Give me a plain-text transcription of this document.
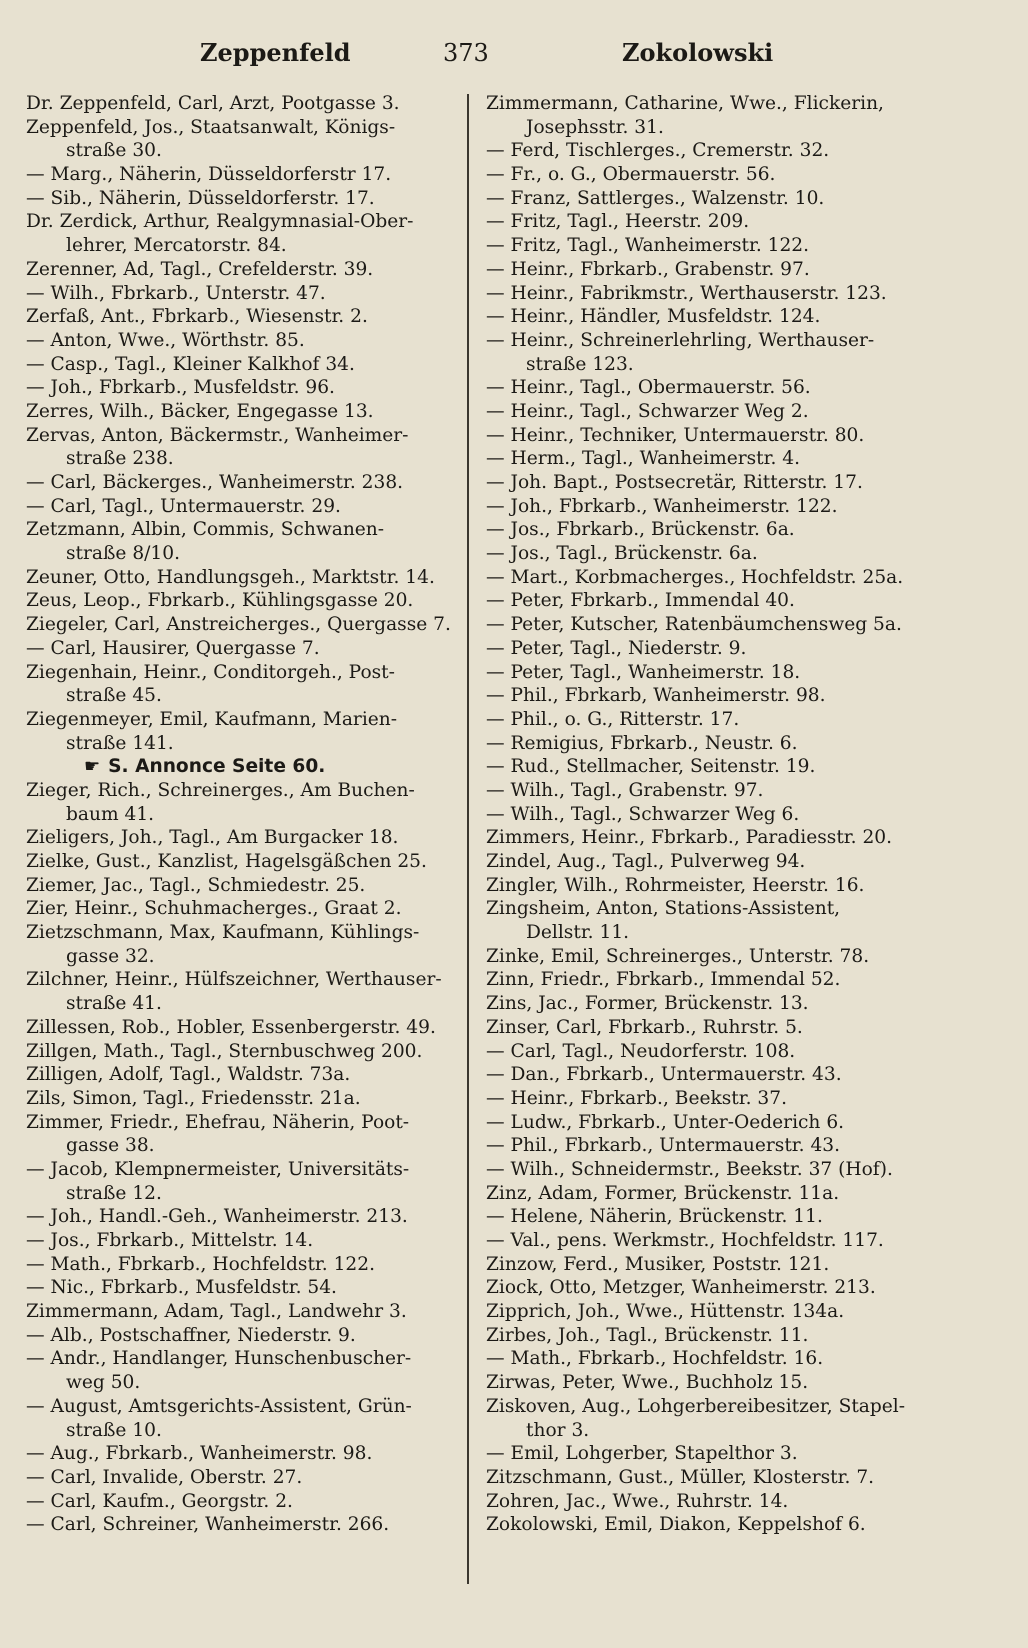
Zeppenfeld	373	Zokolowski
Dr. Zeppenfeld, Carl, Arzt, Pootgasse 3.
Zeppenfeld, Jos., Staatsanwalt, Königs-
straße 30.
— Marg., Näherin, Düsseldorferstr 17.
— Sib., Näherin, Düsseldorferstr. 17.
Dr. Zerdick, Arthur, Realgymnasial-Ober-
lehrer, Mercatorstr. 84.
Zerenner, Ad, Tagl., Crefelderstr. 39.
— Wilh., Fbrkarb., Unterstr. 47.
Zerfaß, Ant., Fbrkarb., Wiesenstr. 2.
— Anton, Wwe., Wörthstr. 85.
— Casp., Tagl., Kleiner Kalkhof 34.
— Joh., Fbrkarb., Musfeldstr. 96.
Zerres, Wilh., Bäcker, Engegasse 13.
Zervas, Anton, Bäckermstr., Wanheimer-
straße 238.
— Carl, Bäckerges., Wanheimerstr. 238.
— Carl, Tagl., Untermauerstr. 29.
Zetzmann, Albin, Commis, Schwanen-
straße 8/10.
Zeuner, Otto, Handlungsgeh., Marktstr. 14.
Zeus, Leop., Fbrkarb., Kühlingsgasse 20.
Ziegeler, Carl, Anstreicherges., Quergasse 7.
— Carl, Hausirer, Quergasse 7.
Ziegenhain, Heinr., Conditorgeh., Post-
straße 45.
Ziegenmeyer, Emil, Kaufmann, Marien-
straße 141.
☛ S. Annonce Seite 60.
Zieger, Rich., Schreinerges., Am Buchen-
baum 41.
Zieligers, Joh., Tagl., Am Burgacker 18.
Zielke, Gust., Kanzlist, Hagelsgäßchen 25.
Ziemer, Jac., Tagl., Schmiedestr. 25.
Zier, Heinr., Schuhmacherges., Graat 2.
Zietzschmann, Max, Kaufmann, Kühlings-
gasse 32.
Zilchner, Heinr., Hülfszeichner, Werthauser-
straße 41.
Zillessen, Rob., Hobler, Essenbergerstr. 49.
Zillgen, Math., Tagl., Sternbuschweg 200.
Zilligen, Adolf, Tagl., Waldstr. 73a.
Zils, Simon, Tagl., Friedensstr. 21a.
Zimmer, Friedr., Ehefrau, Näherin, Poot-
gasse 38.
— Jacob, Klempnermeister, Universitäts-
straße 12.
— Joh., Handl.-Geh., Wanheimerstr. 213.
— Jos., Fbrkarb., Mittelstr. 14.
— Math., Fbrkarb., Hochfeldstr. 122.
— Nic., Fbrkarb., Musfeldstr. 54.
Zimmermann, Adam, Tagl., Landwehr 3.
— Alb., Postschaffner, Niederstr. 9.
— Andr., Handlanger, Hunschenbuscher-
weg 50.
— August, Amtsgerichts-Assistent, Grün-
straße 10.
— Aug., Fbrkarb., Wanheimerstr. 98.
— Carl, Invalide, Oberstr. 27.
— Carl, Kaufm., Georgstr. 2.
— Carl, Schreiner, Wanheimerstr. 266.
Zimmermann, Catharine, Wwe., Flickerin,
Josephsstr. 31.
— Ferd, Tischlerges., Cremerstr. 32.
— Fr., o. G., Obermauerstr. 56.
— Franz, Sattlerges., Walzenstr. 10.
— Fritz, Tagl., Heerstr. 209.
— Fritz, Tagl., Wanheimerstr. 122.
— Heinr., Fbrkarb., Grabenstr. 97.
— Heinr., Fabrikmstr., Werthauserstr. 123.
— Heinr., Händler, Musfeldstr. 124.
— Heinr., Schreinerlehrling, Werthauser-
straße 123.
— Heinr., Tagl., Obermauerstr. 56.
— Heinr., Tagl., Schwarzer Weg 2.
— Heinr., Techniker, Untermauerstr. 80.
— Herm., Tagl., Wanheimerstr. 4.
— Joh. Bapt., Postsecretär, Ritterstr. 17.
— Joh., Fbrkarb., Wanheimerstr. 122.
— Jos., Fbrkarb., Brückenstr. 6a.
— Jos., Tagl., Brückenstr. 6a.
— Mart., Korbmacherges., Hochfeldstr. 25a.
— Peter, Fbrkarb., Immendal 40.
— Peter, Kutscher, Ratenbäumchensweg 5a.
— Peter, Tagl., Niederstr. 9.
— Peter, Tagl., Wanheimerstr. 18.
— Phil., Fbrkarb, Wanheimerstr. 98.
— Phil., o. G., Ritterstr. 17.
— Remigius, Fbrkarb., Neustr. 6.
— Rud., Stellmacher, Seitenstr. 19.
— Wilh., Tagl., Grabenstr. 97.
— Wilh., Tagl., Schwarzer Weg 6.
Zimmers, Heinr., Fbrkarb., Paradiesstr. 20.
Zindel, Aug., Tagl., Pulverweg 94.
Zingler, Wilh., Rohrmeister, Heerstr. 16.
Zingsheim, Anton, Stations-Assistent,
Dellstr. 11.
Zinke, Emil, Schreinerges., Unterstr. 78.
Zinn, Friedr., Fbrkarb., Immendal 52.
Zins, Jac., Former, Brückenstr. 13.
Zinser, Carl, Fbrkarb., Ruhrstr. 5.
— Carl, Tagl., Neudorferstr. 108.
— Dan., Fbrkarb., Untermauerstr. 43.
— Heinr., Fbrkarb., Beekstr. 37.
— Ludw., Fbrkarb., Unter-Oederich 6.
— Phil., Fbrkarb., Untermauerstr. 43.
— Wilh., Schneidermstr., Beekstr. 37 (Hof).
Zinz, Adam, Former, Brückenstr. 11a.
— Helene, Näherin, Brückenstr. 11.
— Val., pens. Werkmstr., Hochfeldstr. 117.
Zinzow, Ferd., Musiker, Poststr. 121.
Ziock, Otto, Metzger, Wanheimerstr. 213.
Zipprich, Joh., Wwe., Hüttenstr. 134a.
Zirbes, Joh., Tagl., Brückenstr. 11.
— Math., Fbrkarb., Hochfeldstr. 16.
Zirwas, Peter, Wwe., Buchholz 15.
Ziskoven, Aug., Lohgerbereibesitzer, Stapel-
thor 3.
— Emil, Lohgerber, Stapelthor 3.
Zitzschmann, Gust., Müller, Klosterstr. 7.
Zohren, Jac., Wwe., Ruhrstr. 14.
Zokolowski, Emil, Diakon, Keppelshof 6.
